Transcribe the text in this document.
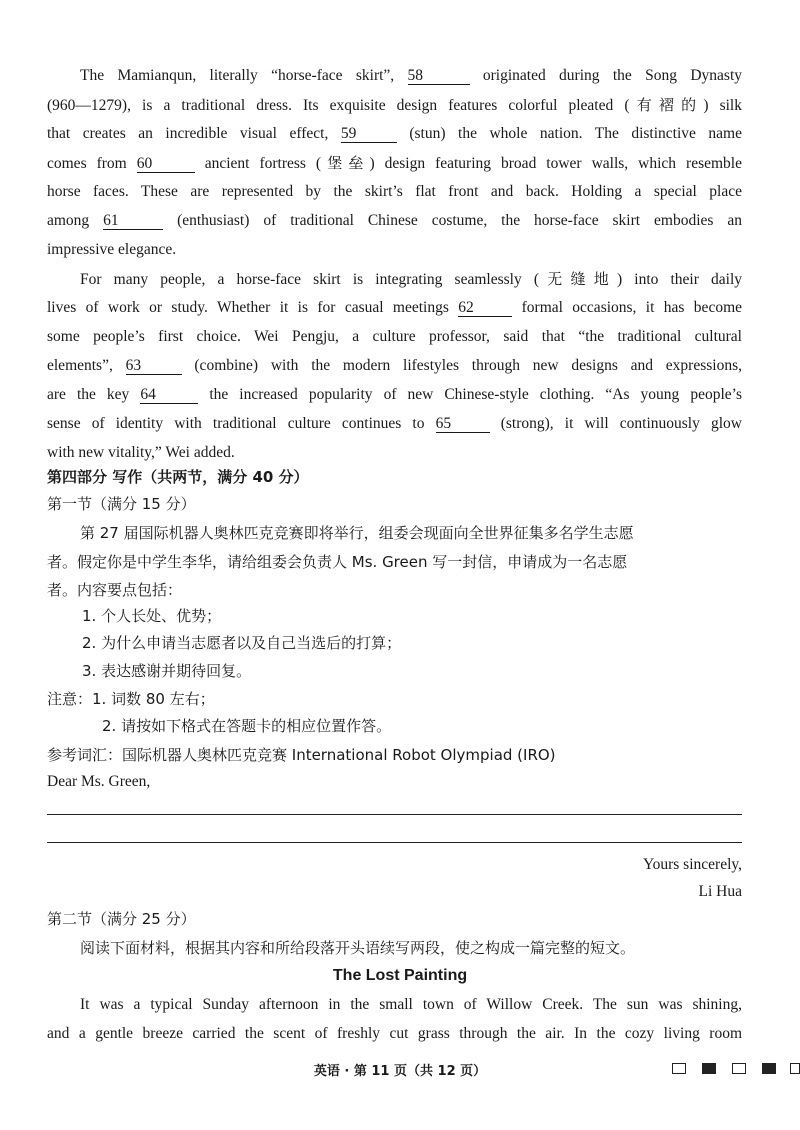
The Mamianqun, literally “horse-face skirt”, 58	originated during the Song Dynasty
(960—1279), is a traditional dress. Its exquisite design features colorful pleated (有褶的) silk
that creates an incredible visual effect, 59	(stun) the whole nation. The distinctive name
comes from 60	ancient fortress (堡垒) design featuring broad tower walls, which resemble
horse faces. These are represented by the skirt’s flat front and back. Holding a special place
among 61	(enthusiast) of traditional Chinese costume, the horse-face skirt embodies an
impressive elegance.
For many people, a horse-face skirt is integrating seamlessly (无缝地) into their daily
lives of work or study. Whether it is for casual meetings 62 formal occasions, it has become
some people’s first choice. Wei Pengju, a culture professor, said that “the traditional cultural
elements”, 63	(combine) with the modern lifestyles through new designs and expressions,
are the key 64	the increased popularity of new Chinese-style clothing. “As young people’s
sense of identity with traditional culture continues to 65 (strong), it will continuously glow
with new vitality,” Wei added.
第四部分 写作（共两节，满分 40 分）
第一节（满分 15 分）
第 27 届国际机器人奥林匹克竞赛即将举行，组委会现面向全世界征集多名学生志愿
者。假定你是中学生李华，请给组委会负责人 Ms. Green 写一封信，申请成为一名志愿
者。内容要点包括：
1. 个人长处、优势；
2. 为什么申请当志愿者以及自己当选后的打算；
3. 表达感谢并期待回复。
注意：1. 词数 80 左右；
2. 请按如下格式在答题卡的相应位置作答。
参考词汇：国际机器人奥林匹克竞赛 International Robot Olympiad (IRO)
Dear Ms. Green,
Yours sincerely,
Li Hua
第二节（满分 25 分）
阅读下面材料，根据其内容和所给段落开头语续写两段，使之构成一篇完整的短文。
The Lost Painting
It was a typical Sunday afternoon in the small town of Willow Creek. The sun was shining,
and a gentle breeze carried the scent of freshly cut grass through the air. In the cozy living room
英语 · 第 11 页（共 12 页）
